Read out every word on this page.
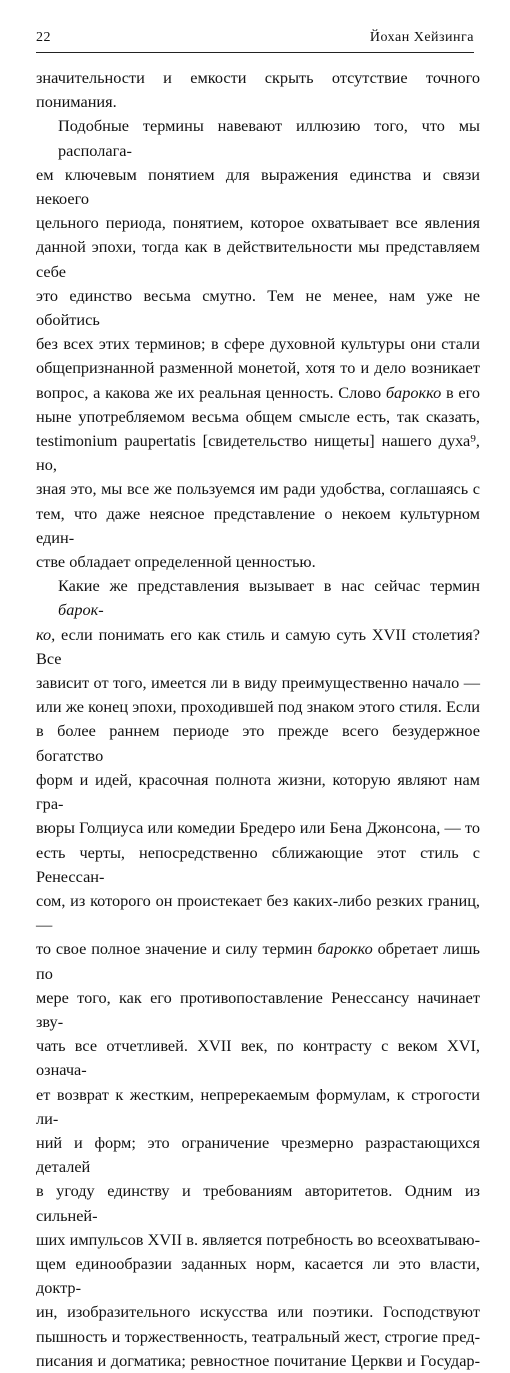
22	Йохан Хейзинга
значительности и емкости скрыть отсутствие точного понимания.
Подобные термины навевают иллюзию того, что мы располага-
ем ключевым понятием для выражения единства и связи некоего
цельного периода, понятием, которое охватывает все явления
данной эпохи, тогда как в действительности мы представляем себе
это единство весьма смутно. Тем не менее, нам уже не обойтись
без всех этих терминов; в сфере духовной культуры они стали
общепризнанной разменной монетой, хотя то и дело возникает
вопрос, а какова же их реальная ценность. Слово барокко в его
ныне употребляемом весьма общем смысле есть, так сказать,
testimonium paupertatis [свидетельство нищеты] нашего духа⁹, но,
зная это, мы все же пользуемся им ради удобства, соглашаясь с
тем, что даже неясное представление о некоем культурном един-
стве обладает определенной ценностью.
Какие же представления вызывает в нас сейчас термин барок-
ко, если понимать его как стиль и самую суть XVII столетия? Все
зависит от того, имеется ли в виду преимущественно начало —
или же конец эпохи, проходившей под знаком этого стиля. Если
в более раннем периоде это прежде всего безудержное богатство
форм и идей, красочная полнота жизни, которую являют нам гра-
вюры Голциуса или комедии Бредеро или Бена Джонсона, — то
есть черты, непосредственно сближающие этот стиль с Ренессан-
сом, из которого он проистекает без каких-либо резких границ, —
то свое полное значение и силу термин барокко обретает лишь по
мере того, как его противопоставление Ренессансу начинает зву-
чать все отчетливей. XVII век, по контрасту с веком XVI, означа-
ет возврат к жестким, непререкаемым формулам, к строгости ли-
ний и форм; это ограничение чрезмерно разрастающихся деталей
в угоду единству и требованиям авторитетов. Одним из сильней-
ших импульсов XVII в. является потребность во всеохватываю-
щем единообразии заданных норм, касается ли это власти, доктр-
ин, изобразительного искусства или поэтики. Господствуют
пышность и торжественность, театральный жест, строгие пред-
писания и догматика; ревностное почитание Церкви и Государ-
